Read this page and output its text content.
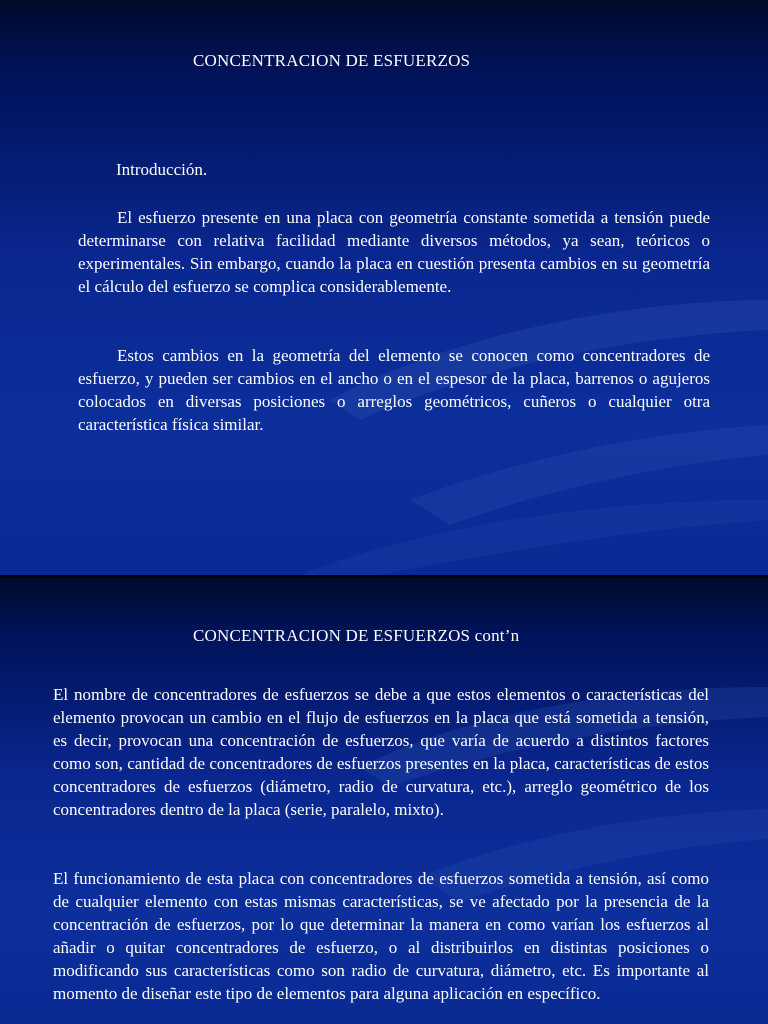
CONCENTRACION DE ESFUERZOS
Introducción.

El esfuerzo presente en una placa con geometría constante sometida a tensión puede determinarse con relativa facilidad mediante diversos métodos, ya sean, teóricos o experimentales. Sin embargo, cuando la placa en cuestión presenta cambios en su geometría el cálculo del esfuerzo se complica considerablemente.

Estos cambios en la geometría del elemento se conocen como concentradores de esfuerzo, y pueden ser cambios en el ancho o en el espesor de la placa, barrenos o agujeros colocados en diversas posiciones o arreglos geométricos, cuñeros o cualquier otra característica física similar.

CONCENTRACION DE ESFUERZOS cont’n

El nombre de concentradores de esfuerzos se debe a que estos elementos o características del elemento provocan un cambio en el flujo de esfuerzos en la placa que está sometida a tensión, es decir, provocan una concentración de esfuerzos, que varía de acuerdo a distintos factores como son, cantidad de concentradores de esfuerzos presentes en la placa, características de estos concentradores de esfuerzos (diámetro, radio de curvatura, etc.), arreglo geométrico de los concentradores dentro de la placa (serie, paralelo, mixto).

El funcionamiento de esta placa con concentradores de esfuerzos sometida a tensión, así como de cualquier elemento con estas mismas características, se ve afectado por la presencia de la concentración de esfuerzos, por lo que determinar la manera en como varían los esfuerzos al añadir o quitar concentradores de esfuerzo, o al distribuirlos en distintas posiciones o modificando sus características como son radio de curvatura, diámetro, etc. Es importante al momento de diseñar este tipo de elementos para alguna aplicación en específico.
